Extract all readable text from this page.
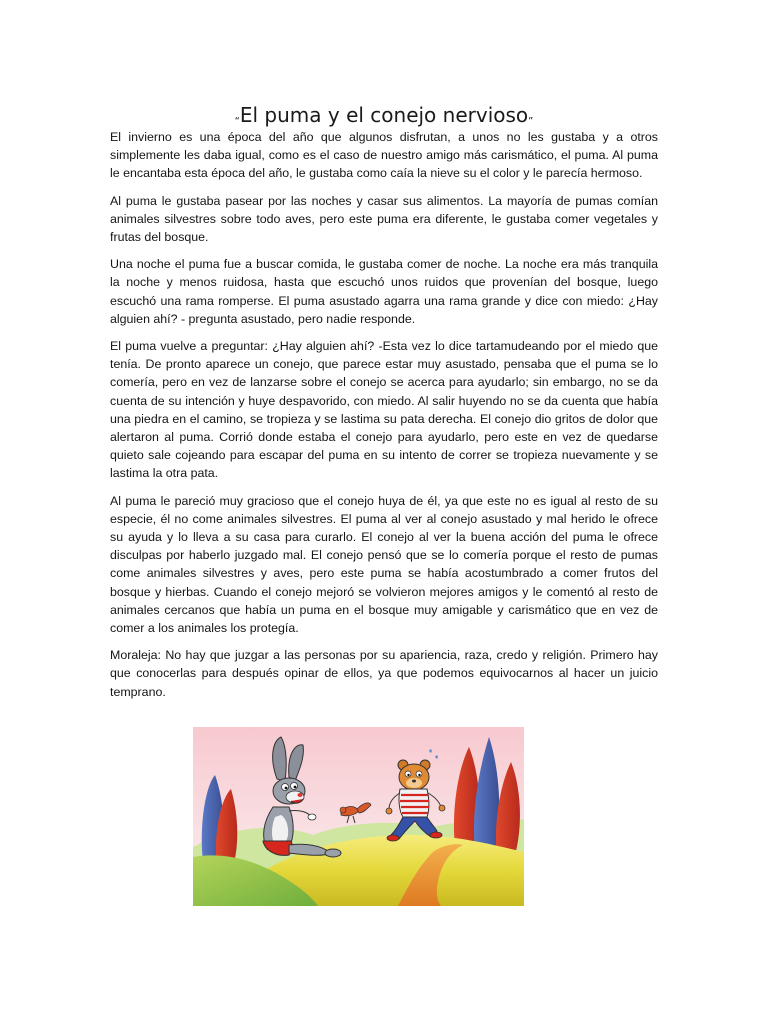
“El puma y el conejo nervioso”

El invierno es una época del año que algunos disfrutan, a unos no les gustaba y a otros simplemente les daba igual, como es el caso de nuestro amigo más carismático, el puma. Al puma le encantaba esta época del año, le gustaba como caía la nieve su el color y le parecía hermoso.

Al puma le gustaba pasear por las noches y casar sus alimentos. La mayoría de pumas comían animales silvestres sobre todo aves, pero este puma era diferente, le gustaba comer vegetales y frutas del bosque.

Una noche el puma fue a buscar comida, le gustaba comer de noche. La noche era más tranquila la noche y menos ruidosa, hasta que escuchó unos ruidos que provenían del bosque, luego escuchó una rama romperse. El puma asustado agarra una rama grande y dice con miedo: ¿Hay alguien ahí? - pregunta asustado, pero nadie responde.

El puma vuelve a preguntar: ¿Hay alguien ahí? -Esta vez lo dice tartamudeando por el miedo que tenía. De pronto aparece un conejo, que parece estar muy asustado, pensaba que el puma se lo comería, pero en vez de lanzarse sobre el conejo se acerca para ayudarlo; sin embargo, no se da cuenta de su intención y huye despavorido, con miedo. Al salir huyendo no se da cuenta que había una piedra en el camino, se tropieza y se lastima su pata derecha. El conejo dio gritos de dolor que alertaron al puma. Corrió donde estaba el conejo para ayudarlo, pero este en vez de quedarse quieto sale cojeando para escapar del puma en su intento de correr se tropieza nuevamente y se lastima la otra pata.

Al puma le pareció muy gracioso que el conejo huya de él, ya que este no es igual al resto de su especie, él no come animales silvestres. El puma al ver al conejo asustado y mal herido le ofrece su ayuda y lo lleva a su casa para curarlo. El conejo al ver la buena acción del puma le ofrece disculpas por haberlo juzgado mal. El conejo pensó que se lo comería porque el resto de pumas come animales silvestres y aves, pero este puma se había acostumbrado a comer frutos del bosque y hierbas. Cuando el conejo mejoró se volvieron mejores amigos y le comentó al resto de animales cercanos que había un puma en el bosque muy amigable y carismático que en vez de comer a los animales los protegía.

Moraleja: No hay que juzgar a las personas por su apariencia, raza, credo y religión. Primero hay que conocerlas para después opinar de ellos, ya que podemos equivocarnos al hacer un juicio temprano.
